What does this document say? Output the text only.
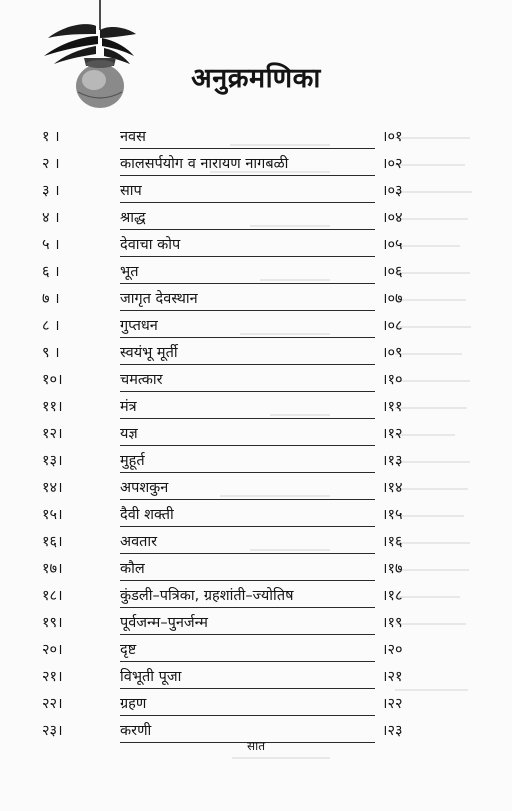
अनुक्रमणिका
१ ।	नवस	।०१
२ ।	कालसर्पयोग व नारायण नागबळी	।०२
३ ।	साप	।०३
४ ।	श्राद्ध	।०४
५ ।	देवाचा कोप	।०५
६ ।	भूत	।०६
७ ।	जागृत देवस्थान	।०७
८ ।	गुप्तधन	।०८
९ ।	स्वयंभू मूर्ती	।०९
१०।	चमत्कार	।१०
११।	मंत्र	।११
१२।	यज्ञ	।१२
१३।	मुहूर्त	।१३
१४।	अपशकुन	।१४
१५।	दैवी शक्ती	।१५
१६।	अवतार	।१६
१७।	कौल	।१७
१८।	कुंडली–पत्रिका, ग्रहशांती–ज्योतिष	।१८
१९।	पूर्वजन्म–पुनर्जन्म	।१९
२०।	दृष्ट	।२०
२१।	विभूती पूजा	।२१
२२।	ग्रहण	।२२
२३।	करणी	।२३
सात
